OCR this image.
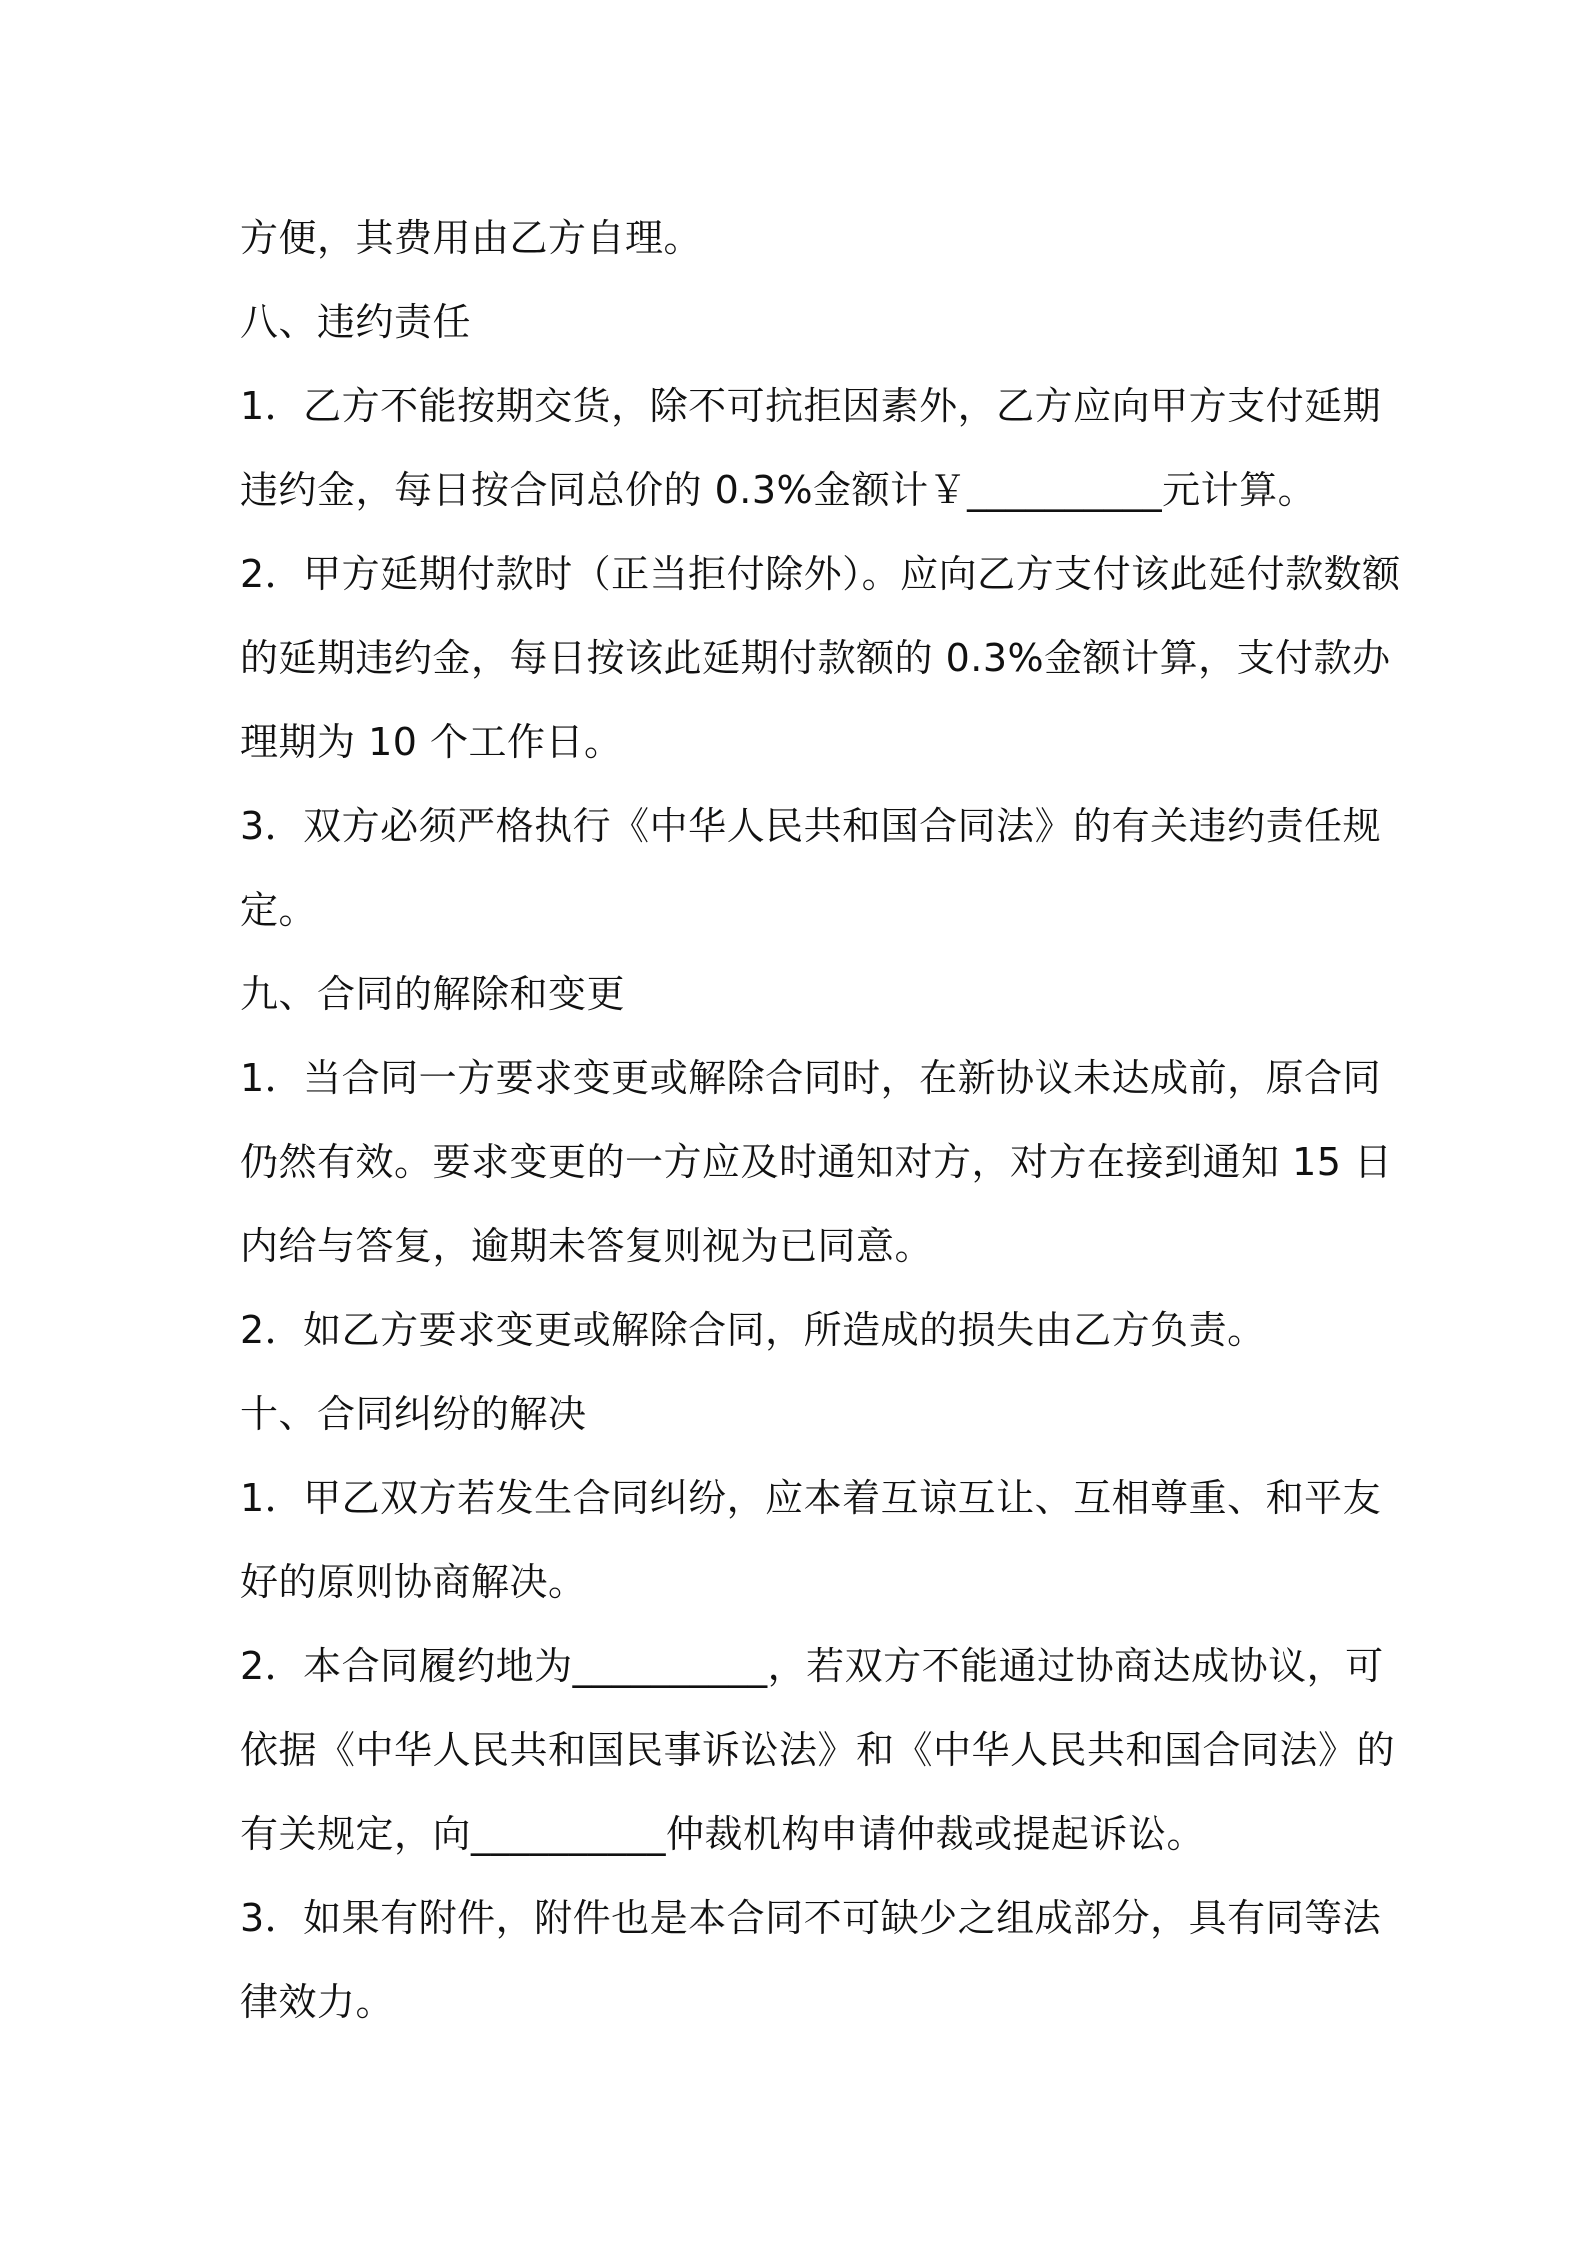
方便，其费用由乙方自理。

八、违约责任

1．乙方不能按期交货，除不可抗拒因素外，乙方应向甲方支付延期

违约金，每日按合同总价的 0.3%金额计￥__________元计算。

2．甲方延期付款时（正当拒付除外）。应向乙方支付该此延付款数额

的延期违约金，每日按该此延期付款额的 0.3%金额计算，支付款办

理期为 10 个工作日。

3．双方必须严格执行《中华人民共和国合同法》的有关违约责任规

定。

九、合同的解除和变更

1．当合同一方要求变更或解除合同时，在新协议未达成前，原合同

仍然有效。要求变更的一方应及时通知对方，对方在接到通知 15 日

内给与答复，逾期未答复则视为已同意。

2．如乙方要求变更或解除合同，所造成的损失由乙方负责。

十、合同纠纷的解决

1．甲乙双方若发生合同纠纷，应本着互谅互让、互相尊重、和平友

好的原则协商解决。

2．本合同履约地为__________，若双方不能通过协商达成协议，可

依据《中华人民共和国民事诉讼法》和《中华人民共和国合同法》的

有关规定，向__________仲裁机构申请仲裁或提起诉讼。

3．如果有附件，附件也是本合同不可缺少之组成部分，具有同等法

律效力。
